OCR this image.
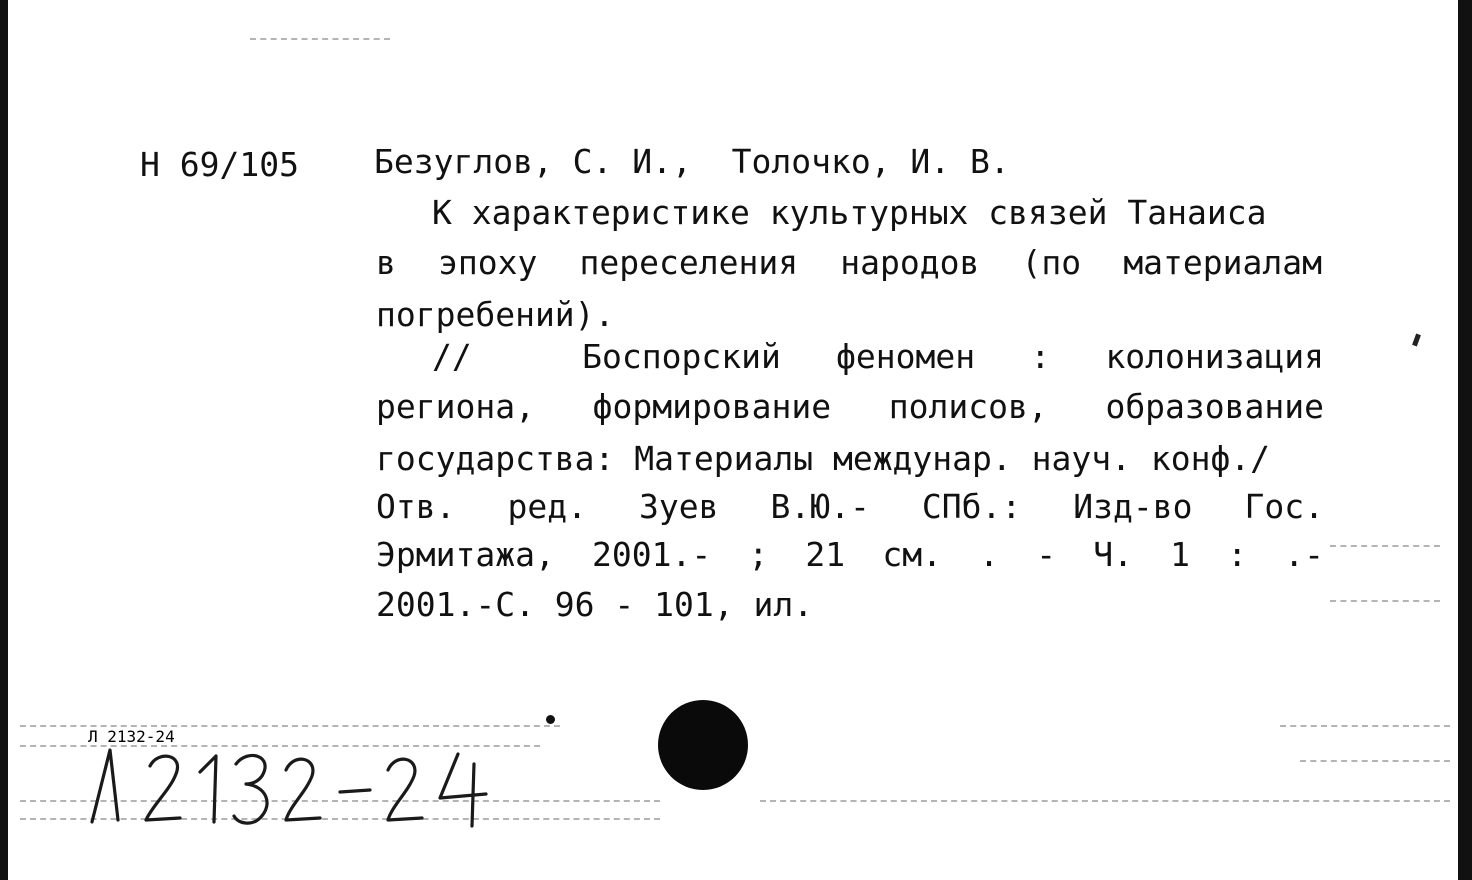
Н 69/105 Безуглов, С. И.,  Толочко, И. В.
К характеристике культурных связей Танаиса
в эпоху переселения народов (по материалам
погребений).
//  Боспорский феномен : колонизация
региона, формирование полисов, образование
государства: Материалы междунар. науч. конф./
Отв. ред. Зуев В.Ю.- СПб.: Изд-во Гос.
Эрмитажа, 2001.- ; 21 см. . - Ч. 1 : .-
2001.-С. 96 - 101, ил.
Л 2132-24
